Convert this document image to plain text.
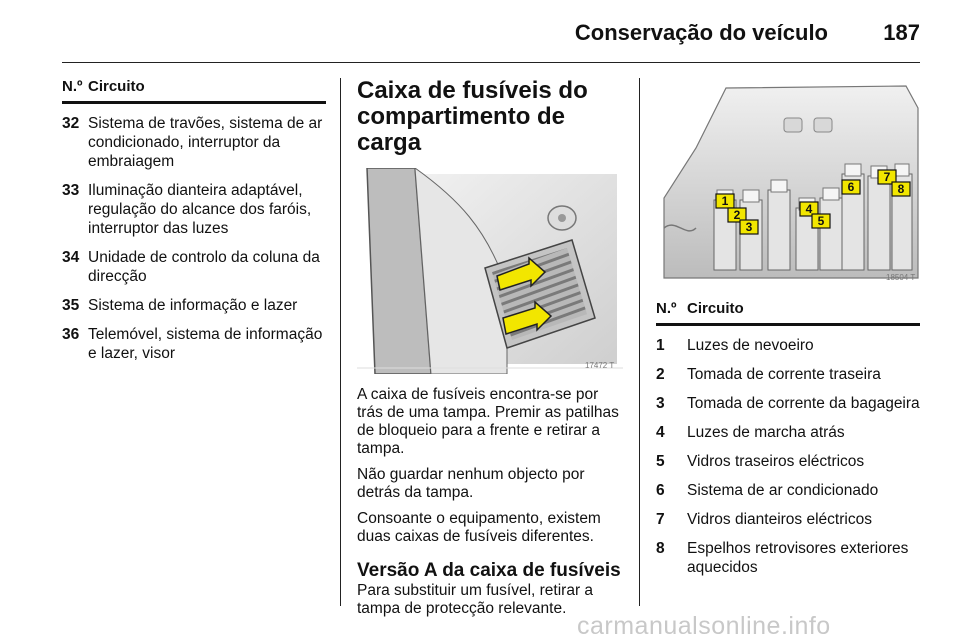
Conservação do veículo	187
N.º Circuito
32 Sistema de travões, sistema de ar condicionado, interruptor da embraiagem
33 Iluminação dianteira adaptável, regulação do alcance dos faróis, interruptor das luzes
34 Unidade de controlo da coluna da direcção
35 Sistema de informação e lazer
36 Telemóvel, sistema de informação e lazer, visor
Caixa de fusíveis do compartimento de carga
17472 T

A caixa de fusíveis encontra-se por trás de uma tampa. Premir as patilhas de bloqueio para a frente e retirar a tampa.

Não guardar nenhum objecto por detrás da tampa.

Consoante o equipamento, existem duas caixas de fusíveis diferentes.

Versão A da caixa de fusíveis

Para substituir um fusível, retirar a tampa de protecção relevante.

1
2
3
4
5
6
7
8
18504 T
N.º Circuito
1	Luzes de nevoeiro
2	Tomada de corrente traseira
3	Tomada de corrente da bagageira
4	Luzes de marcha atrás
5	Vidros traseiros eléctricos
6	Sistema de ar condicionado
7	Vidros dianteiros eléctricos
8	Espelhos retrovisores exteriores aquecidos
carmanualsonline.info
